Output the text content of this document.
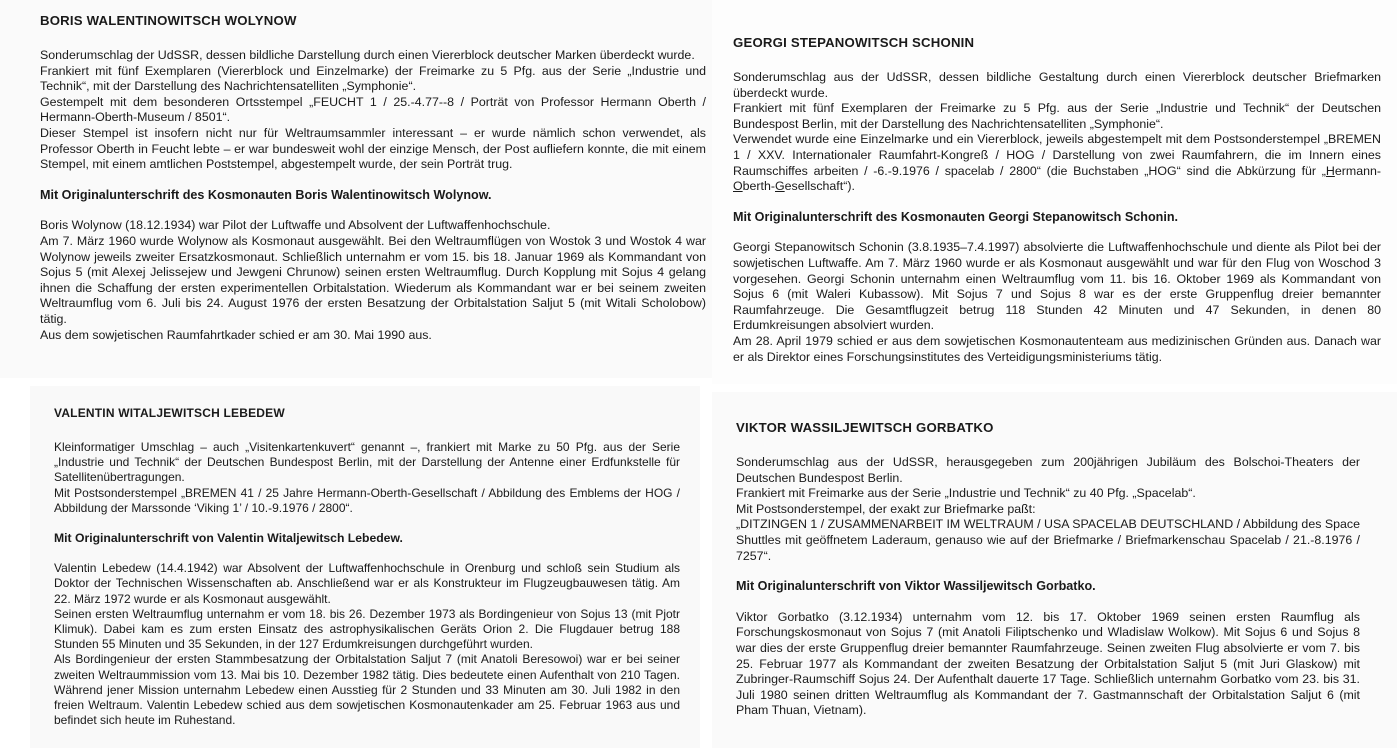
BORIS WALENTINOWITSCH WOLYNOW

Sonderumschlag der UdSSR, dessen bildliche Darstellung durch einen Viererblock deutscher Marken überdeckt wurde.

Frankiert mit fünf Exemplaren (Viererblock und Einzelmarke) der Freimarke zu 5 Pfg. aus der Serie „Industrie und Technik“, mit der Darstellung des Nachrichtensatelliten „Symphonie“.

Gestempelt mit dem besonderen Ortsstempel „FEUCHT 1 / 25.-4.77--8 / Porträt von Professor Hermann Oberth / Hermann-Oberth-Museum / 8501“.

Dieser Stempel ist insofern nicht nur für Weltraumsammler interessant – er wurde nämlich schon verwendet, als Professor Oberth in Feucht lebte – er war bundesweit wohl der einzige Mensch, der Post aufliefern konnte, die mit einem Stempel, mit einem amtlichen Poststempel, abgestempelt wurde, der sein Porträt trug.

Mit Originalunterschrift des Kosmonauten Boris Walentinowitsch Wolynow.

Boris Wolynow (18.12.1934) war Pilot der Luftwaffe und Absolvent der Luftwaffenhochschule.

Am 7. März 1960 wurde Wolynow als Kosmonaut ausgewählt. Bei den Weltraumflügen von Wostok 3 und Wostok 4 war Wolynow jeweils zweiter Ersatzkosmonaut. Schließlich unternahm er vom 15. bis 18. Januar 1969 als Kommandant von Sojus 5 (mit Alexej Jelissejew und Jewgeni Chrunow) seinen ersten Weltraumflug. Durch Kopplung mit Sojus 4 gelang ihnen die Schaffung der ersten experimentellen Orbitalstation. Wiederum als Kommandant war er bei seinem zweiten Weltraumflug vom 6. Juli bis 24. August 1976 der ersten Besatzung der Orbitalstation Saljut 5 (mit Witali Scholobow) tätig.

Aus dem sowjetischen Raumfahrtkader schied er am 30. Mai 1990 aus.

GEORGI STEPANOWITSCH SCHONIN

Sonderumschlag aus der UdSSR, dessen bildliche Gestaltung durch einen Viererblock deutscher Briefmarken überdeckt wurde.

Frankiert mit fünf Exemplaren der Freimarke zu 5 Pfg. aus der Serie „Industrie und Technik“ der Deutschen Bundespost Berlin, mit der Darstellung des Nachrichtensatelliten „Symphonie“.

Verwendet wurde eine Einzelmarke und ein Viererblock, jeweils abgestempelt mit dem Postsonderstempel „BREMEN 1 / XXV. Internationaler Raumfahrt-Kongreß / HOG / Darstellung von zwei Raumfahrern, die im Innern eines Raumschiffes arbeiten / -6.-9.1976 / spacelab / 2800“ (die Buchstaben „HOG“ sind die Abkürzung für „Hermann-Oberth-Gesellschaft“).

Mit Originalunterschrift des Kosmonauten Georgi Stepanowitsch Schonin.

Georgi Stepanowitsch Schonin (3.8.1935–7.4.1997) absolvierte die Luftwaffenhochschule und diente als Pilot bei der sowjetischen Luftwaffe. Am 7. März 1960 wurde er als Kosmonaut ausgewählt und war für den Flug von Woschod 3 vorgesehen. Georgi Schonin unternahm einen Weltraumflug vom 11. bis 16. Oktober 1969 als Kommandant von Sojus 6 (mit Waleri Kubassow). Mit Sojus 7 und Sojus 8 war es der erste Gruppenflug dreier bemannter Raumfahrzeuge. Die Gesamtflugzeit betrug 118 Stunden 42 Minuten und 47 Sekunden, in denen 80 Erdumkreisungen absolviert wurden.

Am 28. April 1979 schied er aus dem sowjetischen Kosmonautenteam aus medizinischen Gründen aus. Danach war er als Direktor eines Forschungsinstitutes des Verteidigungsministeriums tätig.

VALENTIN WITALJEWITSCH LEBEDEW

Kleinformatiger Umschlag – auch „Visitenkartenkuvert“ genannt –, frankiert mit Marke zu 50 Pfg. aus der Serie „Industrie und Technik“ der Deutschen Bundespost Berlin, mit der Darstellung der Antenne einer Erdfunkstelle für Satellitenübertragungen.

Mit Postsonderstempel „BREMEN 41 / 25 Jahre Hermann-Oberth-Gesellschaft / Abbildung des Emblems der HOG / Abbildung der Marssonde ‘Viking 1’ / 10.-9.1976 / 2800“.

Mit Originalunterschrift von Valentin Witaljewitsch Lebedew.

Valentin Lebedew (14.4.1942) war Absolvent der Luftwaffenhochschule in Orenburg und schloß sein Studium als Doktor der Technischen Wissenschaften ab. Anschließend war er als Konstrukteur im Flugzeugbauwesen tätig. Am 22. März 1972 wurde er als Kosmonaut ausgewählt.

Seinen ersten Weltraumflug unternahm er vom 18. bis 26. Dezember 1973 als Bordingenieur von Sojus 13 (mit Pjotr Klimuk). Dabei kam es zum ersten Einsatz des astrophysikalischen Geräts Orion 2. Die Flugdauer betrug 188 Stunden 55 Minuten und 35 Sekunden, in der 127 Erdumkreisungen durchgeführt wurden.

Als Bordingenieur der ersten Stammbesatzung der Orbitalstation Saljut 7 (mit Anatoli Beresowoi) war er bei seiner zweiten Weltraummission vom 13. Mai bis 10. Dezember 1982 tätig. Dies bedeutete einen Aufenthalt von 210 Tagen. Während jener Mission unternahm Lebedew einen Ausstieg für 2 Stunden und 33 Minuten am 30. Juli 1982 in den freien Weltraum. Valentin Lebedew schied aus dem sowjetischen Kosmonautenkader am 25. Februar 1963 aus und befindet sich heute im Ruhestand.

VIKTOR WASSILJEWITSCH GORBATKO

Sonderumschlag aus der UdSSR, herausgegeben zum 200jährigen Jubiläum des Bolschoi-Theaters der Deutschen Bundespost Berlin.

Frankiert mit Freimarke aus der Serie „Industrie und Technik“ zu 40 Pfg. „Spacelab“.

Mit Postsonderstempel, der exakt zur Briefmarke paßt:

„DITZINGEN 1 / ZUSAMMENARBEIT IM WELTRAUM / USA SPACELAB DEUTSCHLAND / Abbildung des Space Shuttles mit geöffnetem Laderaum, genauso wie auf der Briefmarke / Briefmarkenschau Spacelab / 21.-8.1976 / 7257“.

Mit Originalunterschrift von Viktor Wassiljewitsch Gorbatko.

Viktor Gorbatko (3.12.1934) unternahm vom 12. bis 17. Oktober 1969 seinen ersten Raumflug als Forschungskosmonaut von Sojus 7 (mit Anatoli Filiptschenko und Wladislaw Wolkow). Mit Sojus 6 und Sojus 8 war dies der erste Gruppenflug dreier bemannter Raumfahrzeuge. Seinen zweiten Flug absolvierte er vom 7. bis 25. Februar 1977 als Kommandant der zweiten Besatzung der Orbitalstation Saljut 5 (mit Juri Glaskow) mit Zubringer-Raumschiff Sojus 24. Der Aufenthalt dauerte 17 Tage. Schließlich unternahm Gorbatko vom 23. bis 31. Juli 1980 seinen dritten Weltraumflug als Kommandant der 7. Gastmannschaft der Orbitalstation Saljut 6 (mit Pham Thuan, Vietnam).
